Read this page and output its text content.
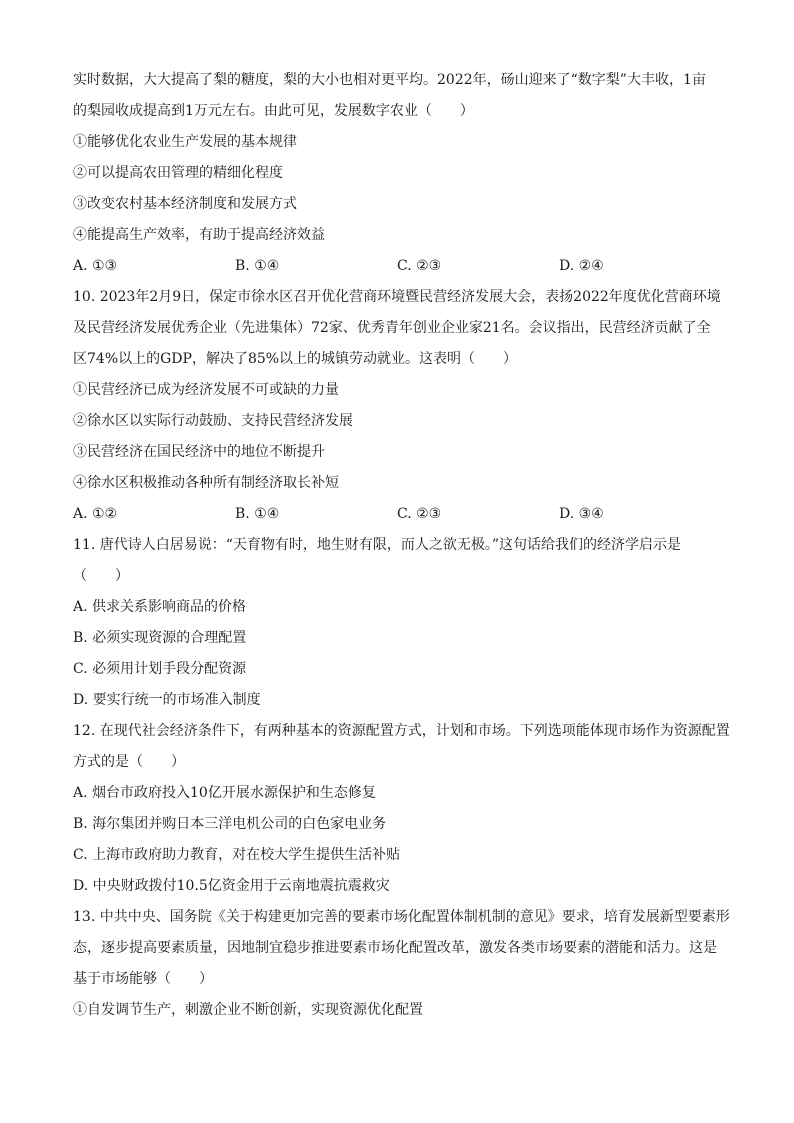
实时数据，大大提高了梨的糖度，梨的大小也相对更平均。2022年，砀山迎来了“数字梨”大丰收，1亩
的梨园收成提高到1万元左右。由此可见，发展数字农业（　　）
①能够优化农业生产发展的基本规律
②可以提高农田管理的精细化程度
③改变农村基本经济制度和发展方式
④能提高生产效率，有助于提高经济效益
A. ①③	B. ①④	C. ②③	D. ②④
10. 2023年2月9日，保定市徐水区召开优化营商环境暨民营经济发展大会，表扬2022年度优化营商环境
及民营经济发展优秀企业（先进集体）72家、优秀青年创业企业家21名。会议指出，民营经济贡献了全
区74%以上的GDP，解决了85%以上的城镇劳动就业。这表明（　　）
①民营经济已成为经济发展不可或缺的力量
②徐水区以实际行动鼓励、支持民营经济发展
③民营经济在国民经济中的地位不断提升
④徐水区积极推动各种所有制经济取长补短
A. ①②	B. ①④	C. ②③	D. ③④
11. 唐代诗人白居易说：“天育物有时，地生财有限，而人之欲无极。”这句话给我们的经济学启示是
（　　）
A. 供求关系影响商品的价格
B. 必须实现资源的合理配置
C. 必须用计划手段分配资源
D. 要实行统一的市场准入制度
12. 在现代社会经济条件下，有两种基本的资源配置方式，计划和市场。下列选项能体现市场作为资源配置
方式的是（　　）
A. 烟台市政府投入10亿开展水源保护和生态修复
B. 海尔集团并购日本三洋电机公司的白色家电业务
C. 上海市政府助力教育，对在校大学生提供生活补贴
D. 中央财政拨付10.5亿资金用于云南地震抗震救灾
13. 中共中央、国务院《关于构建更加完善的要素市场化配置体制机制的意见》要求，培育发展新型要素形
态，逐步提高要素质量，因地制宜稳步推进要素市场化配置改革，激发各类市场要素的潜能和活力。这是
基于市场能够（　　）
①自发调节生产，刺激企业不断创新，实现资源优化配置
